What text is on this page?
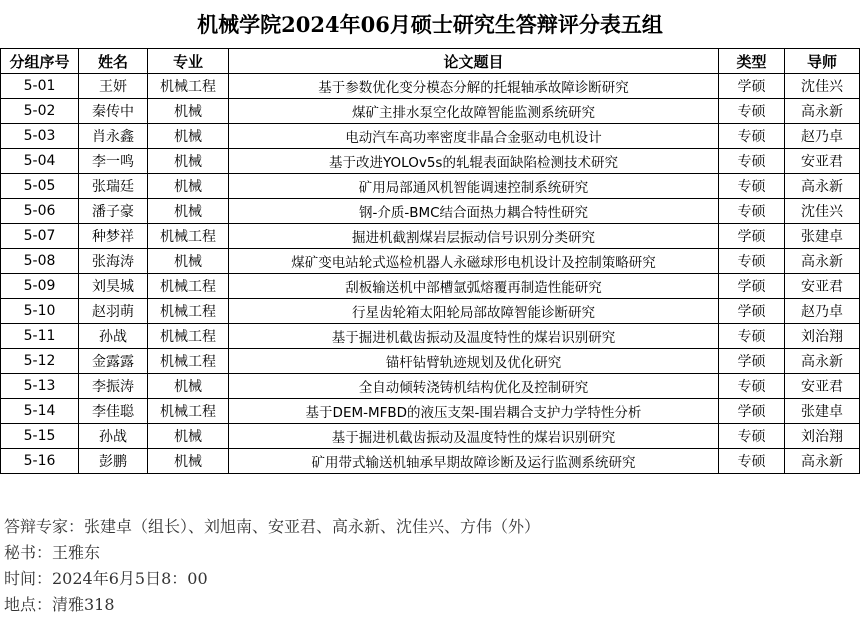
机械学院2024年06月硕士研究生答辩评分表五组
分组序号	姓名	专业	论文题目	类型	导师
5-01	王妍	机械工程	基于参数优化变分模态分解的托辊轴承故障诊断研究	学硕	沈佳兴
5-02	秦传中	机械	煤矿主排水泵空化故障智能监测系统研究	专硕	高永新
5-03	肖永鑫	机械	电动汽车高功率密度非晶合金驱动电机设计	专硕	赵乃卓
5-04	李一鸣	机械	基于改进YOLOv5s的轧辊表面缺陷检测技术研究	专硕	安亚君
5-05	张瑞廷	机械	矿用局部通风机智能调速控制系统研究	专硕	高永新
5-06	潘子豪	机械	钢-介质-BMC结合面热力耦合特性研究	专硕	沈佳兴
5-07	种梦祥	机械工程	掘进机截割煤岩层振动信号识别分类研究	学硕	张建卓
5-08	张海涛	机械	煤矿变电站轮式巡检机器人永磁球形电机设计及控制策略研究	专硕	高永新
5-09	刘昊城	机械工程	刮板输送机中部槽氩弧熔覆再制造性能研究	学硕	安亚君
5-10	赵羽萌	机械工程	行星齿轮箱太阳轮局部故障智能诊断研究	学硕	赵乃卓
5-11	孙战	机械工程	基于掘进机截齿振动及温度特性的煤岩识别研究	专硕	刘治翔
5-12	金露露	机械工程	锚杆钻臂轨迹规划及优化研究	学硕	高永新
5-13	李振涛	机械	全自动倾转浇铸机结构优化及控制研究	专硕	安亚君
5-14	李佳聪	机械工程	基于DEM-MFBD的液压支架-围岩耦合支护力学特性分析	学硕	张建卓
5-15	孙战	机械	基于掘进机截齿振动及温度特性的煤岩识别研究	专硕	刘治翔
5-16	彭鹏	机械	矿用带式输送机轴承早期故障诊断及运行监测系统研究	专硕	高永新
答辩专家：张建卓（组长）、刘旭南、安亚君、高永新、沈佳兴、方伟（外）
秘书：王雅东
时间：2024年6月5日8：00
地点：清雅318
